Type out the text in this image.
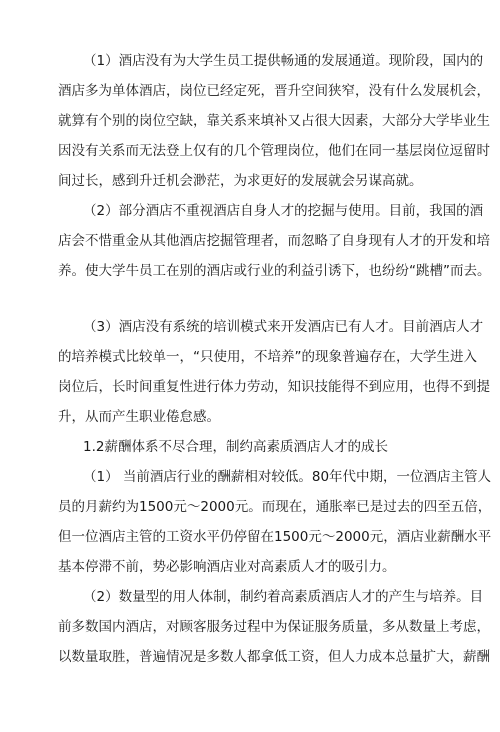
（1）酒店没有为大学生员工提供畅通的发展通道。现阶段，国内的
酒店多为单体酒店，岗位已经定死，晋升空间狭窄，没有什么发展机会，
就算有个别的岗位空缺，靠关系来填补又占很大因素，大部分大学毕业生
因没有关系而无法登上仅有的几个管理岗位，他们在同一基层岗位逗留时
间过长，感到升迁机会渺茫，为求更好的发展就会另谋高就。
（2）部分酒店不重视酒店自身人才的挖掘与使用。目前，我国的酒
店会不惜重金从其他酒店挖掘管理者，而忽略了自身现有人才的开发和培
养。使大学牛员工在别的酒店或行业的利益引诱下，也纷纷“跳槽”而去。
（3）酒店没有系统的培训模式来开发酒店已有人才。目前酒店人才
的培养模式比较单一，“只使用，不培养”的现象普遍存在，大学生进入
岗位后，长时间重复性进行体力劳动，知识技能得不到应用，也得不到提
升，从而产生职业倦怠感。
1.2薪酬体系不尽合理，制约高素质酒店人才的成长
（1） 当前酒店行业的酬薪相对较低。80年代中期，一位酒店主管人
员的月薪约为1500元～2000元。而现在，通胀率已是过去的四至五倍，
但一位酒店主管的工资水平仍停留在1500元～2000元，酒店业薪酬水平
基本停滞不前，势必影响酒店业对高素质人才的吸引力。
（2）数量型的用人体制，制约着高素质酒店人才的产生与培养。目
前多数国内酒店，对顾客服务过程中为保证服务质量，多从数量上考虑，
以数量取胜，普遍情况是多数人都拿低工资，但人力成本总量扩大，薪酬
